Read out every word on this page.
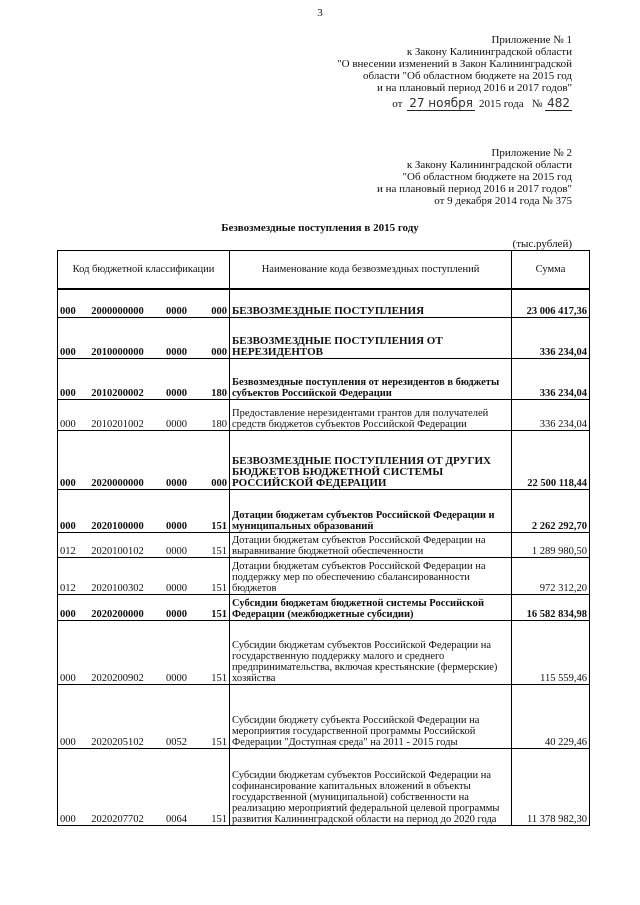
3
Приложение № 1
к Закону Калининградской области
"О внесении изменений в Закон Калининградской
области "Об областном бюджете на 2015 год
и на плановый период 2016 и 2017 годов"
от 27 ноября 2015 года № 482
Приложение № 2
к Закону Калининградской области
"Об областном бюджете на 2015 год
и на плановый период 2016 и 2017 годов"
от 9 декабря 2014 года № 375
Безвозмездные поступления в 2015 году
(тыс.рублей)
Код бюджетной классификации				Наименование кода безвозмездных поступлений	Сумма
000	2000000000	0000	000	БЕЗВОЗМЕЗДНЫЕ ПОСТУПЛЕНИЯ	23 006 417,36
000	2010000000	0000	000	БЕЗВОЗМЕЗДНЫЕ ПОСТУПЛЕНИЯ ОТ НЕРЕЗИДЕНТОВ	336 234,04
000	2010200002	0000	180	Безвозмездные поступления от нерезидентов в бюджеты субъектов Российской Федерации	336 234,04
000	2010201002	0000	180	Предоставление нерезидентами грантов для получателей средств бюджетов субъектов Российской Федерации	336 234,04
000	2020000000	0000	000	БЕЗВОЗМЕЗДНЫЕ ПОСТУПЛЕНИЯ ОТ ДРУГИХ БЮДЖЕТОВ БЮДЖЕТНОЙ СИСТЕМЫ РОССИЙСКОЙ ФЕДЕРАЦИИ	22 500 118,44
000	2020100000	0000	151	Дотации бюджетам субъектов Российской Федерации и муниципальных образований	2 262 292,70
012	2020100102	0000	151	Дотации бюджетам субъектов Российской Федерации на выравнивание бюджетной обеспеченности	1 289 980,50
012	2020100302	0000	151	Дотации бюджетам субъектов Российской Федерации на поддержку мер по обеспечению сбалансированности бюджетов	972 312,20
000	2020200000	0000	151	Субсидии бюджетам бюджетной системы Российской Федерации (межбюджетные субсидии)	16 582 834,98
000	2020200902	0000	151	Субсидии бюджетам субъектов Российской Федерации на государственную поддержку малого и среднего предпринимательства, включая крестьянские (фермерские) хозяйства	115 559,46
000	2020205102	0052	151	Субсидии бюджету субъекта Российской Федерации на мероприятия государственной программы Российской Федерации "Доступная среда" на 2011 - 2015 годы	40 229,46
000	2020207702	0064	151	Субсидии бюджетам субъектов Российской Федерации на софинансирование капитальных вложений в объекты государственной (муниципальной) собственности на реализацию мероприятий федеральной целевой программы развития Калининградской области на период до 2020 года	11 378 982,30
